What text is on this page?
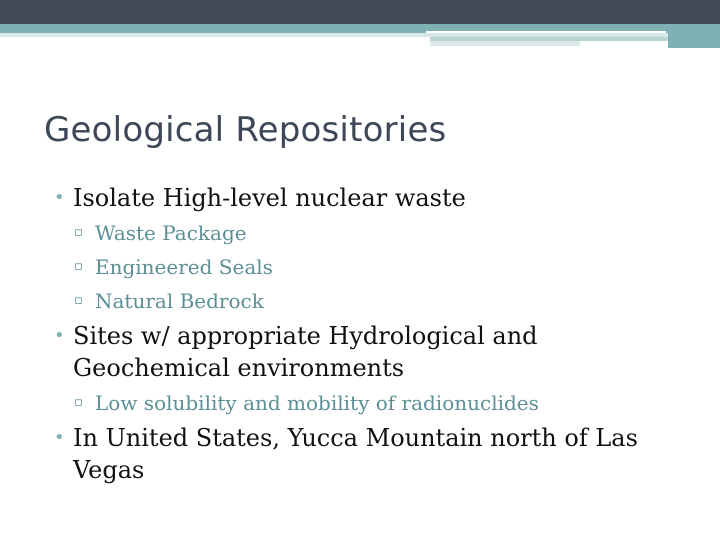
Geological Repositories
• Isolate High-level nuclear waste
▫ Waste Package
▫ Engineered Seals
▫ Natural Bedrock
• Sites w/ appropriate Hydrological and Geochemical environments
▫ Low solubility and mobility of radionuclides
• In United States, Yucca Mountain north of Las Vegas
